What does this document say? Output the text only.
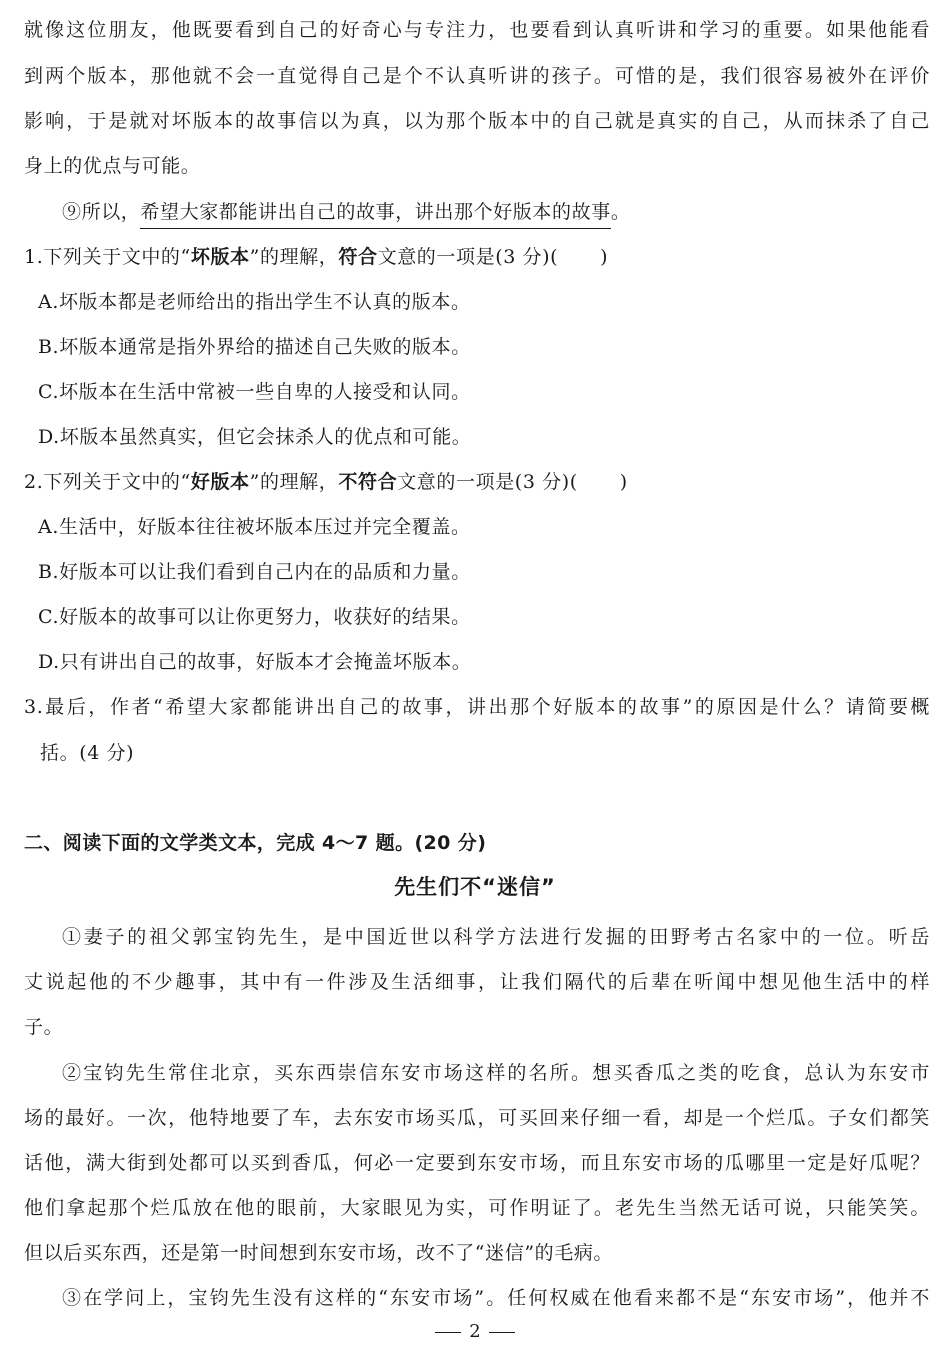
就像这位朋友，他既要看到自己的好奇心与专注力，也要看到认真听讲和学习的重要。如果他能看
到两个版本，那他就不会一直觉得自己是个不认真听讲的孩子。可惜的是，我们很容易被外在评价
影响，于是就对坏版本的故事信以为真，以为那个版本中的自己就是真实的自己，从而抹杀了自己
身上的优点与可能。
⑨所以，希望大家都能讲出自己的故事，讲出那个好版本的故事。
1.下列关于文中的“坏版本”的理解，符合文意的一项是(3 分)( )
A.坏版本都是老师给出的指出学生不认真的版本。
B.坏版本通常是指外界给的描述自己失败的版本。
C.坏版本在生活中常被一些自卑的人接受和认同。
D.坏版本虽然真实，但它会抹杀人的优点和可能。
2.下列关于文中的“好版本”的理解，不符合文意的一项是(3 分)( )
A.生活中，好版本往往被坏版本压过并完全覆盖。
B.好版本可以让我们看到自己内在的品质和力量。
C.好版本的故事可以让你更努力，收获好的结果。
D.只有讲出自己的故事，好版本才会掩盖坏版本。
3.最后，作者“希望大家都能讲出自己的故事，讲出那个好版本的故事”的原因是什么？请简要概
括。(4 分)
二、阅读下面的文学类文本，完成 4～7 题。(20 分)
先生们不“迷信”
①妻子的祖父郭宝钧先生，是中国近世以科学方法进行发掘的田野考古名家中的一位。听岳
丈说起他的不少趣事，其中有一件涉及生活细事，让我们隔代的后辈在听闻中想见他生活中的样
子。
②宝钧先生常住北京，买东西崇信东安市场这样的名所。想买香瓜之类的吃食，总认为东安市
场的最好。一次，他特地要了车，去东安市场买瓜，可买回来仔细一看，却是一个烂瓜。子女们都笑
话他，满大街到处都可以买到香瓜，何必一定要到东安市场，而且东安市场的瓜哪里一定是好瓜呢？
他们拿起那个烂瓜放在他的眼前，大家眼见为实，可作明证了。老先生当然无话可说，只能笑笑。
但以后买东西，还是第一时间想到东安市场，改不了“迷信”的毛病。
③在学问上，宝钧先生没有这样的“东安市场”。任何权威在他看来都不是“东安市场”，他并不
2
